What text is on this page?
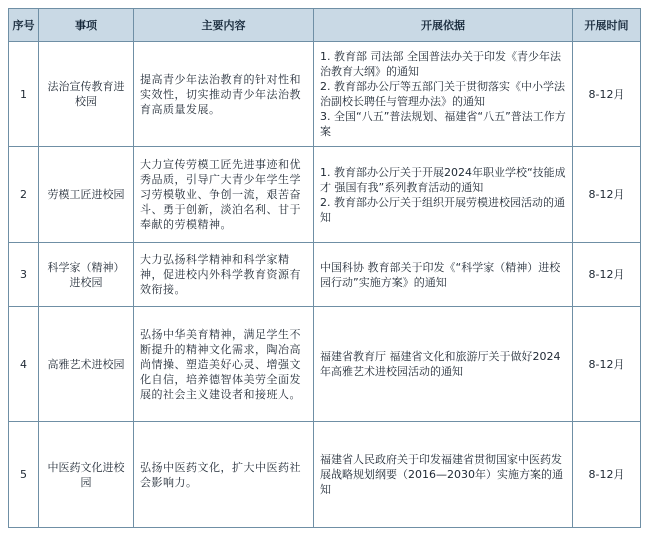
序号	事项	主要内容	开展依据	开展时间
1	法治宣传教育进校园	提高青少年法治教育的针对性和实效性，切实推动青少年法治教育高质量发展。	1. 教育部 司法部 全国普法办关于印发《青少年法治教育大纲》的通知
2. 教育部办公厅等五部门关于贯彻落实《中小学法治副校长聘任与管理办法》的通知
3. 全国“八五”普法规划、福建省“八五”普法工作方案	8-12月
2	劳模工匠进校园	大力宣传劳模工匠先进事迹和优秀品质，引导广大青少年学生学习劳模敬业、争创一流，艰苦奋斗、勇于创新，淡泊名利、甘于奉献的劳模精神。	1. 教育部办公厅关于开展2024年职业学校“技能成才 强国有我”系列教育活动的通知
2. 教育部办公厅关于组织开展劳模进校园活动的通知	8-12月
3	科学家（精神）进校园	大力弘扬科学精神和科学家精神，促进校内外科学教育资源有效衔接。	中国科协 教育部关于印发《“科学家（精神）进校园行动”实施方案》的通知	8-12月
4	高雅艺术进校园	弘扬中华美育精神，满足学生不断提升的精神文化需求，陶冶高尚情操、塑造美好心灵、增强文化自信，培养德智体美劳全面发展的社会主义建设者和接班人。	福建省教育厅 福建省文化和旅游厅关于做好2024年高雅艺术进校园活动的通知	8-12月
5	中医药文化进校园	弘扬中医药文化，扩大中医药社会影响力。	福建省人民政府关于印发福建省贯彻国家中医药发展战略规划纲要（2016—2030年）实施方案的通知	8-12月
